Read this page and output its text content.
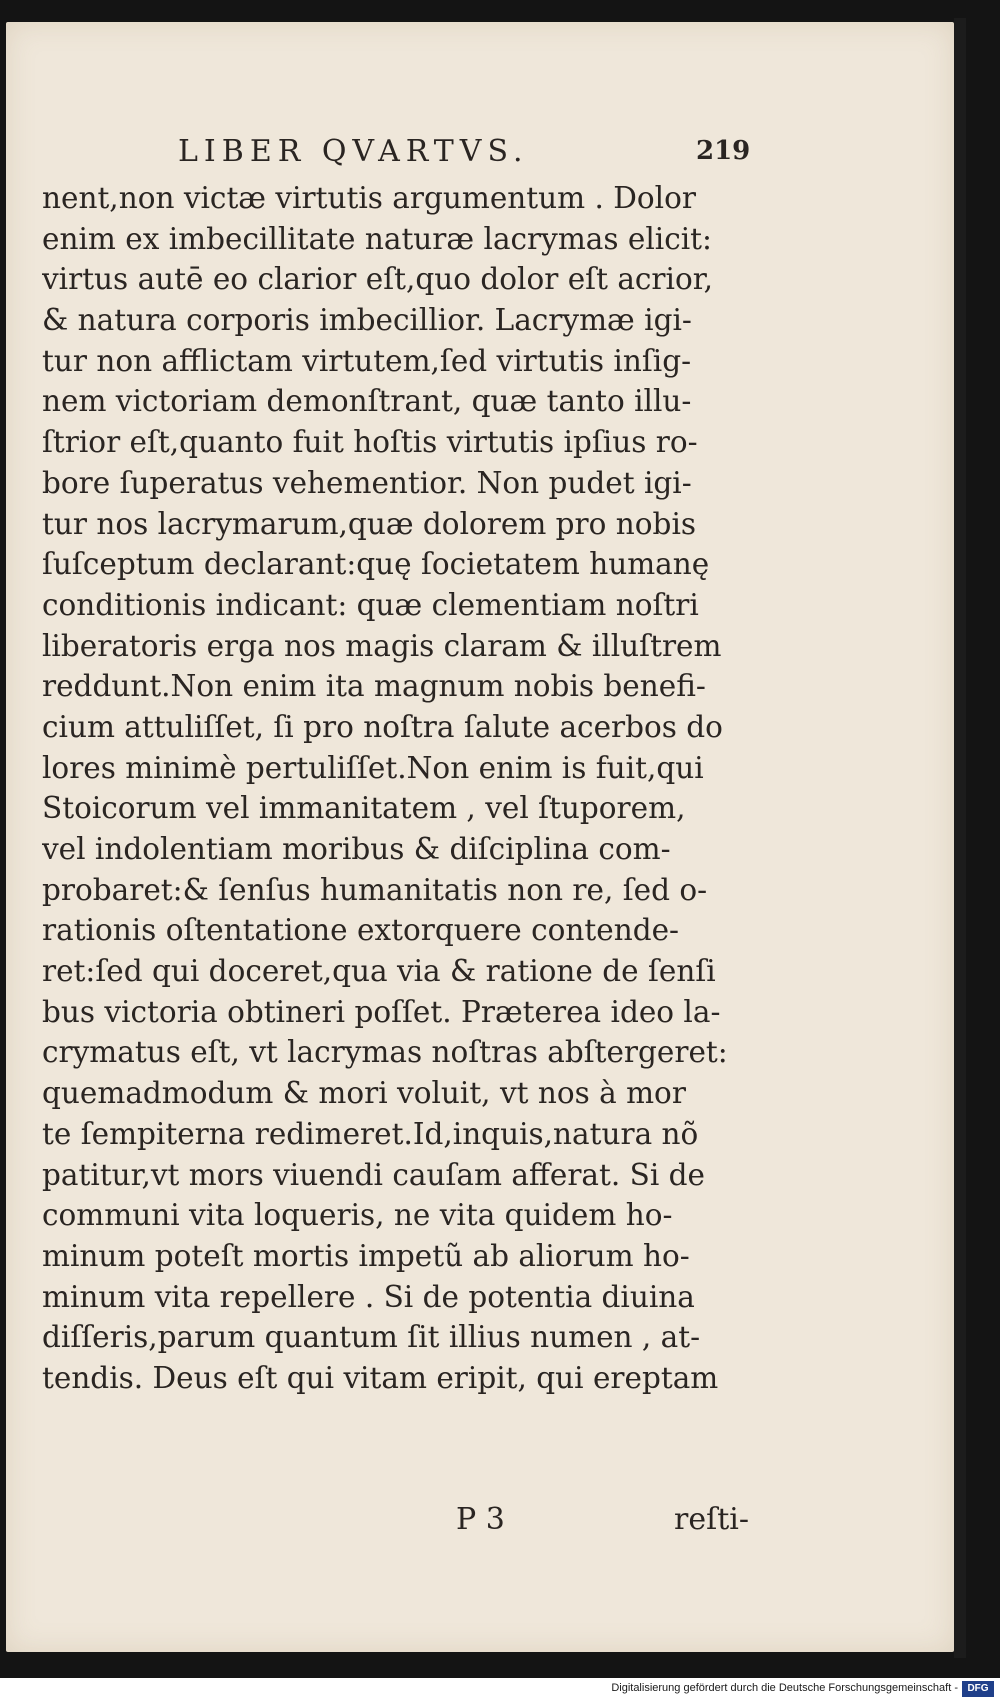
LIBER QVARTVS.	219
nent,non victæ virtutis argumentum . Dolor
enim ex imbecillitate naturæ lacrymas elicit:
virtus autē eo clarior eſt,quo dolor eſt acrior,
& natura corporis imbecillior. Lacrymæ igi-
tur non afflictam virtutem,ſed virtutis inſig-
nem victoriam demonſtrant, quæ tanto illu-
ſtrior eſt,quanto fuit hoſtis virtutis ipſius ro-
bore ſuperatus vehementior. Non pudet igi-
tur nos lacrymarum,quæ dolorem pro nobis
ſuſceptum declarant:quę ſocietatem humanę
conditionis indicant: quæ clementiam noſtri
liberatoris erga nos magis claram & illuſtrem
reddunt.Non enim ita magnum nobis benefi-
cium attuliſſet, ſi pro noſtra ſalute acerbos do
lores minimè pertuliſſet.Non enim is fuit,qui
Stoicorum vel immanitatem , vel ſtuporem,
vel indolentiam moribus & diſciplina com-
probaret:& ſenſus humanitatis non re, ſed o-
rationis oſtentatione extorquere contende-
ret:ſed qui doceret,qua via & ratione de ſenſi
bus victoria obtineri poſſet. Præterea ideo la-
crymatus eſt, vt lacrymas noſtras abſtergeret:
quemadmodum & mori voluit, vt nos à mor
te ſempiterna redimeret.Id,inquis,natura nõ
patitur,vt mors viuendi cauſam afferat. Si de
communi vita loqueris, ne vita quidem ho-
minum poteſt mortis impetũ ab aliorum ho-
minum vita repellere . Si de potentia diuina
diſſeris,parum quantum ſit illius numen , at-
tendis. Deus eſt qui vitam eripit, qui ereptam
P 3	reſti-
Digitalisierung gefördert durch die Deutsche Forschungsgemeinschaft - DFG
